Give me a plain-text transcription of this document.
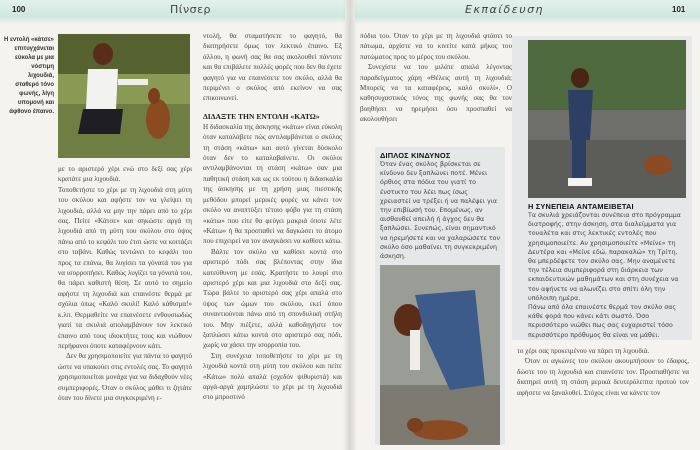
100	Πίνσερ	Εκπαίδευση	101
Η εντολή «κάτσε» επιτυγχάνεται εύκολα με μια νόστιμη λιχουδιά, σταθερό τόνο φωνής, λίγη υπομονή και άφθονο έπαινο.

με το αριστερό χέρι ενώ στο δεξί σας χέρι κρατάτε μια λιχουδιά.

Τοποθετήστε το χέρι με τη λιχουδιά στη μύτη του σκύλου και αφήστε τον να γλείψει τη λιχουδιά, αλλά να μην την πάρει από το χέρι σας. Πείτε «Κάτσε» και σηκώστε αργά τη λιχουδιά από τη μύτη του σκύλου στο ύψος πάνω από το κεφάλι του έτσι ώστε να κοιτάζει στο ταβάνι. Καθώς τεντώνει το κεφάλι του προς τα επάνω, θα λυγίσει τα γόνατά του για να ισορροπήσει. Καθώς λυγίζει τα γόνατά του, θα πάρει καθιστή θέση. Σε αυτό το σημείο αφήστε τη λιχουδιά και επαινέστε θερμά με σχόλια όπως «Καλό σκυλί! Καλό κάθισμα!» κ.λπ. Θερμαθείτε να επαινέσετε ενθουσιωδώς γιατί τα σκυλιά απολαμβάνουν τον λεκτικό έπαινο από τους ιδιοκτήτες τους και νιώθουν περήφανοι όποτε καταφέρνουν κάτι.

Δεν θα χρησιμοποιείτε για πάντα το φαγητό ώστε να υπακούει στις εντολές σας. Το φαγητό χρησιμοποιείται μονάχα για να διδαχθούν νέες συμπεριφορές. Όταν ο σκύλος μάθει τι ζητάτε όταν του δίνετε μια συγκεκριμένη ε-

ντολή, θα σταματήσετε το φαγητό, θα διατηρήσετε όμως τον λεκτικό έπαινο. Εξ άλλου, η φωνή σας θα σας ακολουθεί πάντοτε και θα επιβάλετε πολλές φορές που δεν θα έχετε φαγητό για να επαινέσετε τον σκύλο, αλλά θα περιμένει ο σκύλος από εκείνον να σας επικοινωνεί.

ΔΙΔΑΞΤΕ ΤΗΝ ΕΝΤΟΛΗ «ΚΑΤΩ»

Η διδασκαλία της άσκησης «κάτω» είναι εύκολη όταν καταλάβετε πώς αντιλαμβάνεται ο σκύλος τη στάση «κάτω» και αυτό γίνεται δύσκολο όταν δεν το καταλαβαίνετε. Οι σκύλοι αντιλαμβάνονται τη στάση «κάτω» σαν μια παθητική στάση και ως εκ τούτου η διδασκαλία της άσκησης με τη χρήση μιας πιεστικής μεθόδου μπορεί μερικές φορές να κάνει τον σκύλο να αναπτύξει τέτοιο φόβο για τη στάση «κάτω» που είτε θα φεύγει μακριά όποτε λέτε «Κάτω» ή θα προσπαθεί να δαγκώσει το άτομο που επιχειρεί να τον αναγκάσει να καθίσει κάτω.

Βάλτε τον σκύλο να καθίσει κοντά στο αριστερό πόδι σας βλέποντας στην ίδια κατεύθυνση με εσάς. Κρατήστε το λουρί στο αριστερό χέρι και μια λιχουδιά στο δεξί σας. Τώρα βάλτε το αριστερό σας χέρι απαλά στο ύψος των ώμων του σκύλου, εκεί όπου συναντιούνται πάνω από τη σπονδυλική στήλη του. Μην πιέζετε, αλλά καθοδηγήστε τον ξαπλώσει κάτω κοντά στο αριστερό σας πόδι, χωρίς να χάσει την ισορροπία του.

Στη συνέχεια τοποθετήστε το χέρι με τη λιχουδιά κοντά στη μύτη του σκύλου και πείτε «Κάτω» πολύ απαλά (σχεδόν ψιθυριστά) και αργά-αργά χαμηλώστε το χέρι με τη λιχουδιά στο μπροστινό

πόδια του. Όταν το χέρι με τη λιχουδιά φτάσει το πάτωμα, αρχίστε να το κινείτε κατά μήκος του πατώματος προς το μέρος του σκύλου.

Συνεχίστε να του μιλάτε απαλά λέγοντας παραδείγματος χάρη «Θέλεις αυτή τη λιχουδιά; Μπορείς να τα καταφέρεις, καλό σκυλί». Ο καθησυχαστικός τόνος της φωνής σας θα τον βοηθήσει να ηρεμήσει όσο προσπαθεί να ακολουθήσει

ΔΙΠΛΟΣ ΚΙΝΔΥΝΟΣ
Όταν ένας σκύλος βρίσκεται σε κίνδυνο δεν ξαπλώνει ποτέ. Μένει όρθιος στα πόδια του γιατί το ένστικτο του λέει πως ίσως χρειαστεί να τρέξει ή να παλέψει για την επιβίωσή του. Επομένως, αν αισθανθεί απειλή ή άγχος δεν θα ξαπλώσει. Συνεπώς, είναι σημαντικό να ηρεμήσετε και να χαλαρώσετε τον σκύλο όσο μαθαίνει τη συγκεκριμένη άσκηση.
Η ΣΥΝΕΠΕΙΑ ΑΝΤΑΜΕΙΒΕΤΑΙ
Τα σκυλιά χρειάζονται συνέπεια στο πρόγραμμα διατροφής, στην άσκηση, στα διαλείμματα για τουαλέτα και στις λεκτικές εντολές που χρησιμοποιείτε. Αν χρησιμοποιείτε «Μείνε» τη Δευτέρα και «Μείνε εδώ, παρακαλώ» τη Τρίτη, θα μπερδέψετε τον σκύλο σας. Μην αναμένετε την τέλεια συμπεριφορά στη διάρκεια των εκπαιδευτικών μαθημάτων και στη συνέχεια να τον αφήνετε να αλωνίζει στο σπίτι όλη την υπόλοιπη ημέρα.
Πάνω από όλα επαινέστε θερμά τον σκύλο σας κάθε φορά που κάνει κάτι σωστό. Όσο περισσότερο νιώθει πως σας ευχαριστεί τόσο περισσότερο πρόθυμος θα είναι να μάθει.

το χέρι σας προκειμένου να πάρει τη λιχουδιά.

Όταν οι αγκώνες του σκύλου ακουμπήσουν το έδαφος, δώστε του τη λιχουδιά και επαινέστε τον. Προσπαθήστε να διατηρεί αυτή τη στάση μερικά δευτερόλεπτα προτού τον αφήσετε να ξαναλυθεί. Στόχος είναι να κάνετε τον
